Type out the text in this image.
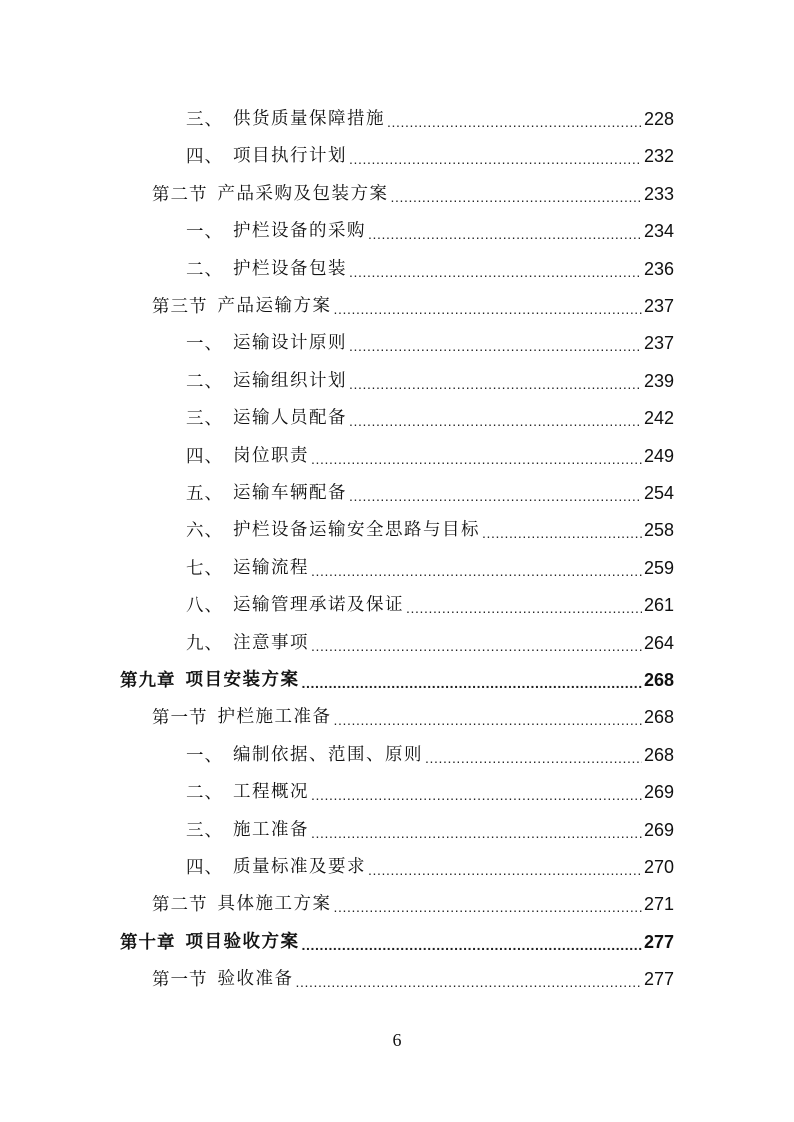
三、 供货质量保障措施 .....	228
四、 项目执行计划 .....	232
第二节 产品采购及包装方案 .....	233
一、 护栏设备的采购 .....	234
二、 护栏设备包装 .....	236
第三节 产品运输方案 .....	237
一、 运输设计原则 .....	237
二、 运输组织计划 .....	239
三、 运输人员配备 .....	242
四、 岗位职责 .....	249
五、 运输车辆配备 .....	254
六、 护栏设备运输安全思路与目标 .....	258
七、 运输流程 .....	259
八、 运输管理承诺及保证 .....	261
九、 注意事项 .....	264
第九章 项目安装方案 .....	268
第一节 护栏施工准备 .....	268
一、 编制依据、范围、原则 .....	268
二、 工程概况 .....	269
三、 施工准备 .....	269
四、 质量标准及要求 .....	270
第二节 具体施工方案 .....	271
第十章 项目验收方案 .....	277
第一节 验收准备 .....	277
6
